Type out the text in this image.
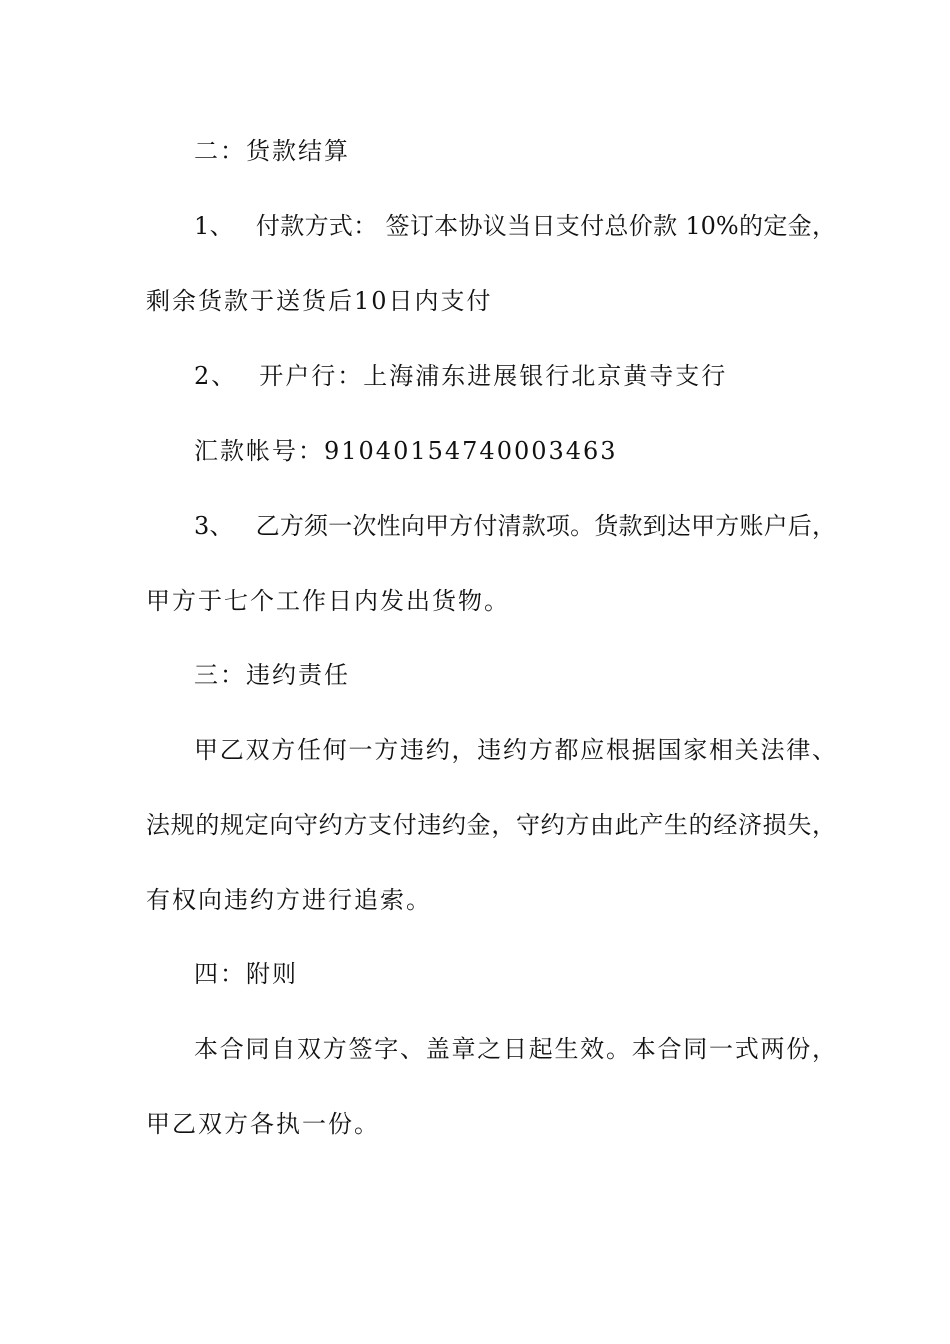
二：货款结算
1、 付款方式： 签订本协议当日支付总价款 10%的定金，
剩余货款于送货后10日内支付
2、 开户行：上海浦东进展银行北京黄寺支行
汇款帐号：91040154740003463
3、 乙方须一次性向甲方付清款项。货款到达甲方账户后，
甲方于七个工作日内发出货物。
三：违约责任
甲乙双方任何一方违约，违约方都应根据国家相关法律、
法规的规定向守约方支付违约金，守约方由此产生的经济损失，
有权向违约方进行追索。
四：附则
本合同自双方签字、盖章之日起生效。本合同一式两份，
甲乙双方各执一份。
